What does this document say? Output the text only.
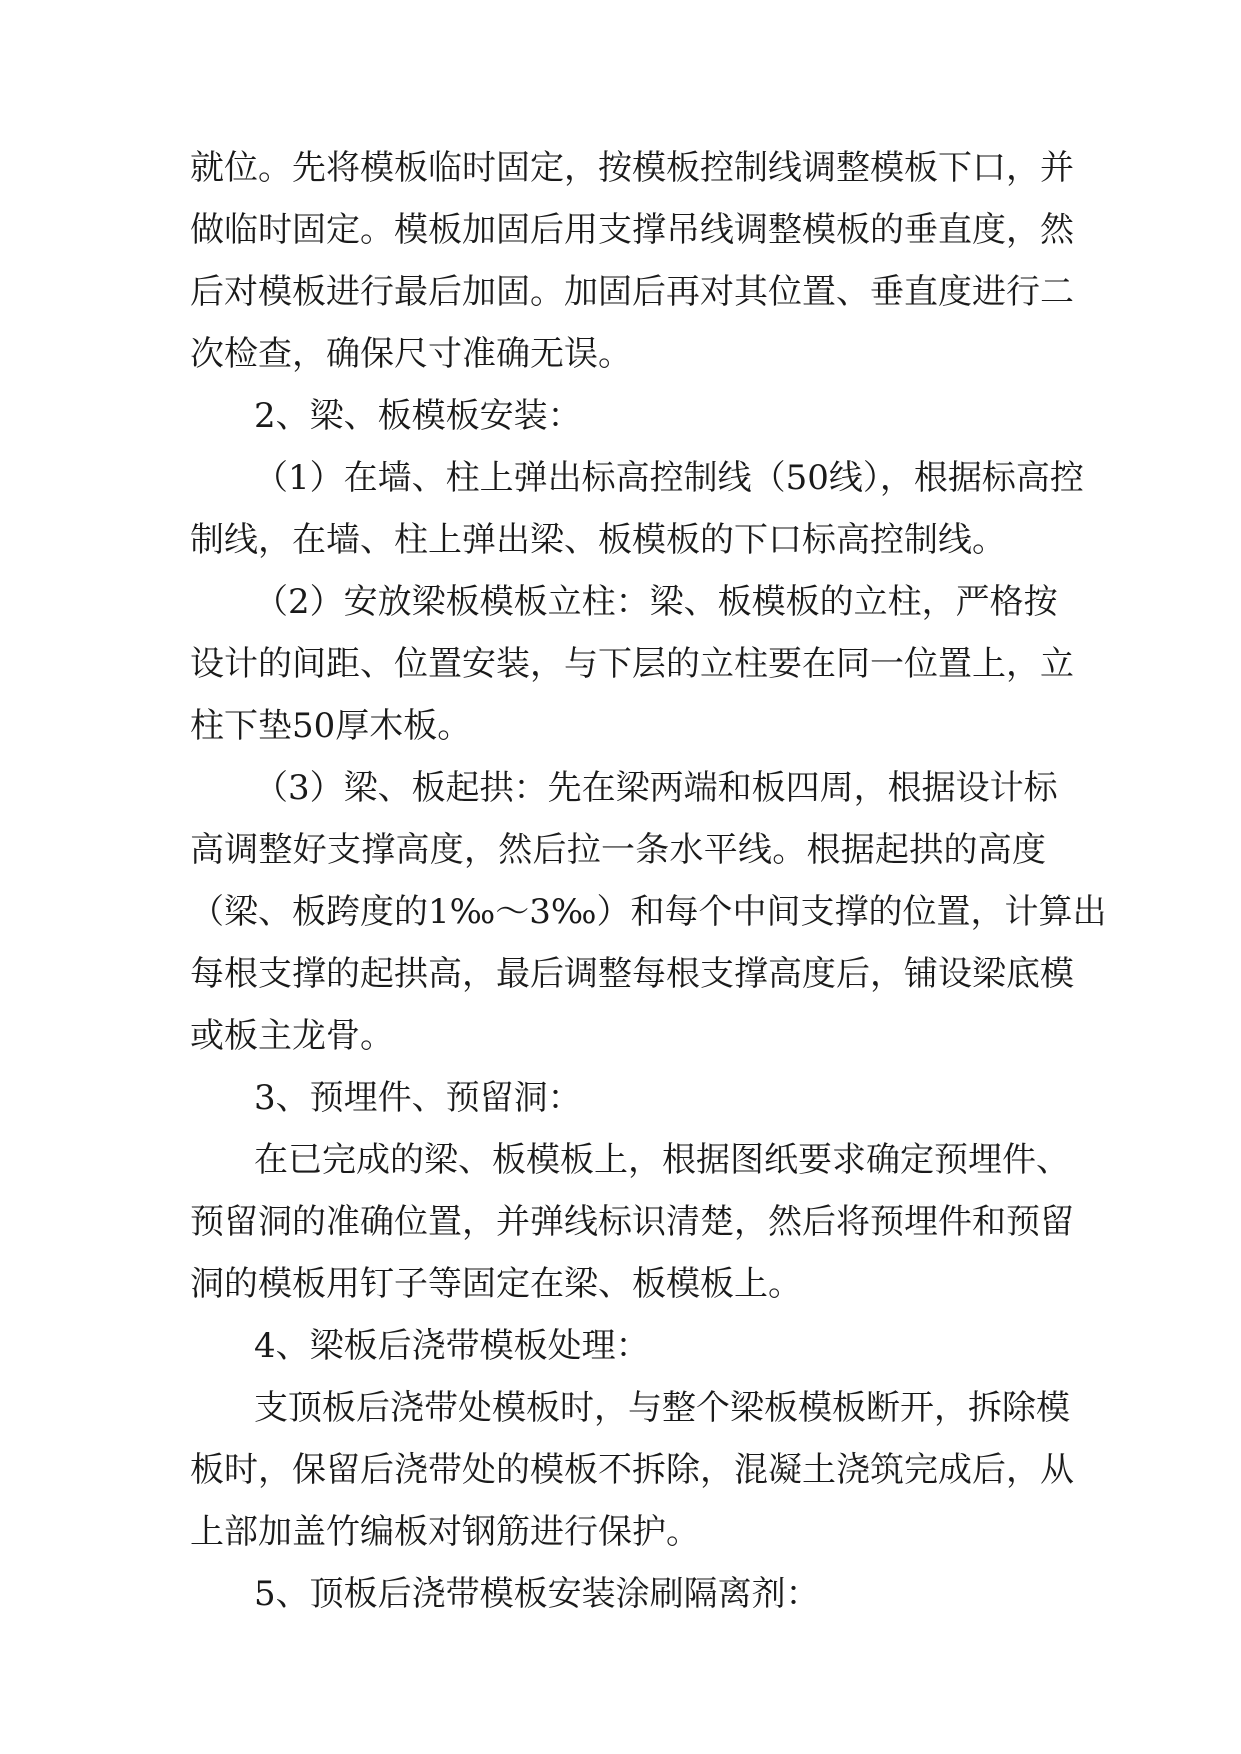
就位。先将模板临时固定，按模板控制线调整模板下口，并
做临时固定。模板加固后用支撑吊线调整模板的垂直度，然
后对模板进行最后加固。加固后再对其位置、垂直度进行二
次检查，确保尺寸准确无误。
2、梁、板模板安装：
（1）在墙、柱上弹出标高控制线（50线），根据标高控
制线，在墙、柱上弹出梁、板模板的下口标高控制线。
（2）安放梁板模板立柱：梁、板模板的立柱，严格按
设计的间距、位置安装，与下层的立柱要在同一位置上，立
柱下垫50厚木板。
（3）梁、板起拱：先在梁两端和板四周，根据设计标
高调整好支撑高度，然后拉一条水平线。根据起拱的高度
（梁、板跨度的1‰～3‰）和每个中间支撑的位置，计算出
每根支撑的起拱高，最后调整每根支撑高度后，铺设梁底模
或板主龙骨。
3、预埋件、预留洞：
在已完成的梁、板模板上，根据图纸要求确定预埋件、
预留洞的准确位置，并弹线标识清楚，然后将预埋件和预留
洞的模板用钉子等固定在梁、板模板上。
4、梁板后浇带模板处理：
支顶板后浇带处模板时，与整个梁板模板断开，拆除模
板时，保留后浇带处的模板不拆除，混凝土浇筑完成后，从
上部加盖竹编板对钢筋进行保护。
5、顶板后浇带模板安装涂刷隔离剂：
